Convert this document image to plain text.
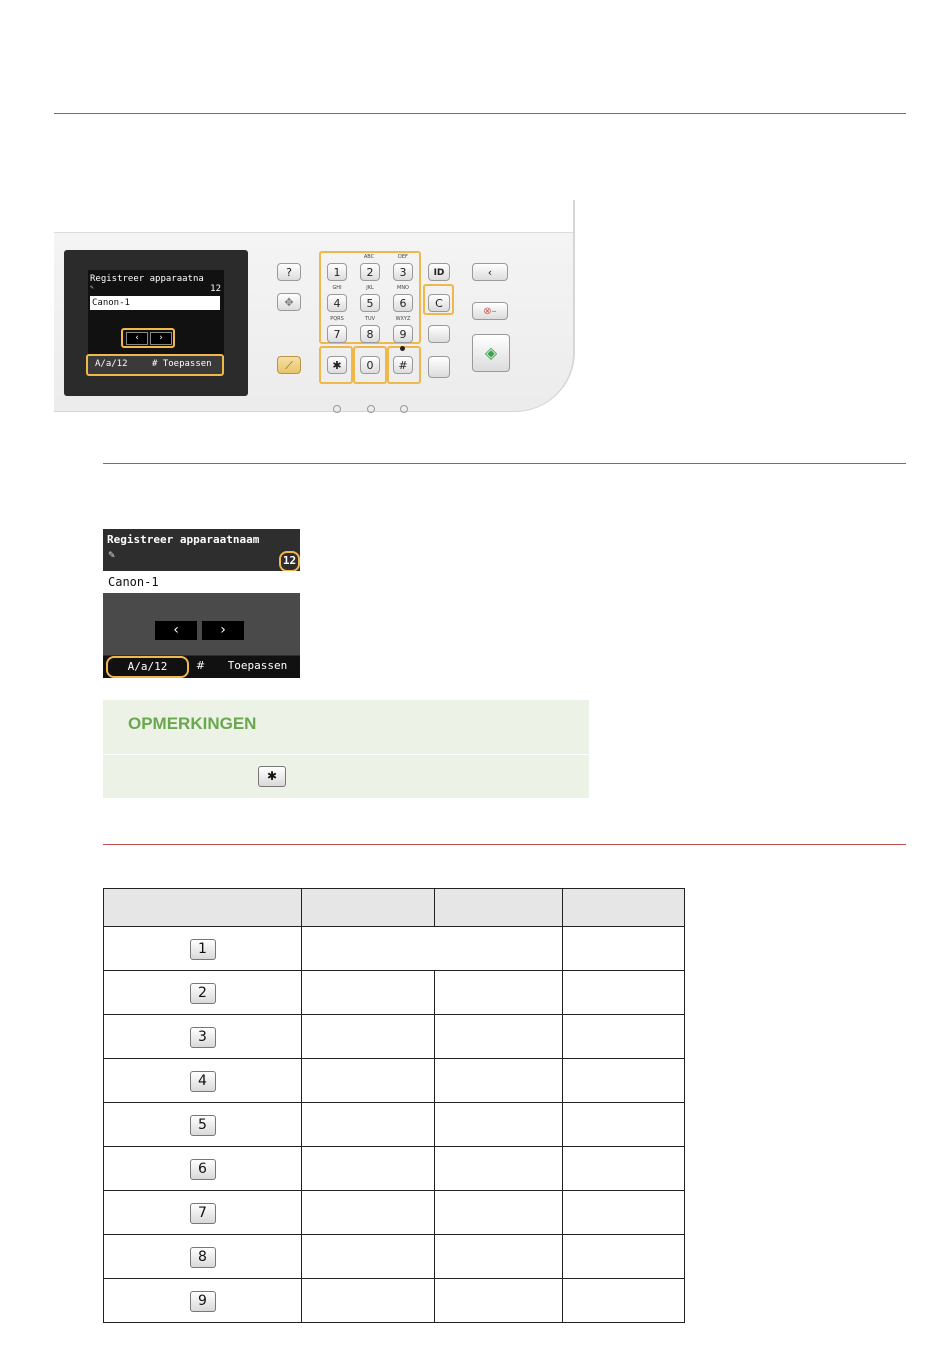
Registreer apparaatna
✎	12
Canon-1
‹	›
A/a/12	# Toepassen
?
✥
⟋
ABC	DEF
1	2	3
GHI	JKL	MNO
4	5	6
PQRS	TUV	WXYZ
7	8	9
✱	0	#
ID
C
‹
⊗–
◈
Registreer apparaatnaam
✎	12
Canon-1
‹	›
A/a/12	#	Toepassen
OPMERKINGEN
✱

1			
2			
3			
4			
5			
6			
7			
8			
9			
